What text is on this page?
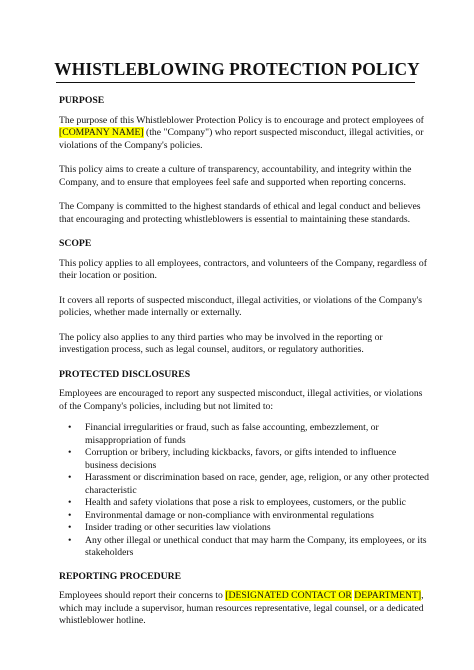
WHISTLEBLOWING PROTECTION POLICY
PURPOSE

The purpose of this Whistleblower Protection Policy is to encourage and protect employees of [COMPANY NAME] (the "Company") who report suspected misconduct, illegal activities, or violations of the Company's policies.

This policy aims to create a culture of transparency, accountability, and integrity within the Company, and to ensure that employees feel safe and supported when reporting concerns.

The Company is committed to the highest standards of ethical and legal conduct and believes that encouraging and protecting whistleblowers is essential to maintaining these standards.

SCOPE

This policy applies to all employees, contractors, and volunteers of the Company, regardless of their location or position.

It covers all reports of suspected misconduct, illegal activities, or violations of the Company's policies, whether made internally or externally.

The policy also applies to any third parties who may be involved in the reporting or investigation process, such as legal counsel, auditors, or regulatory authorities.

PROTECTED DISCLOSURES

Employees are encouraged to report any suspected misconduct, illegal activities, or violations of the Company's policies, including but not limited to:

• Financial irregularities or fraud, such as false accounting, embezzlement, or misappropriation of funds
• Corruption or bribery, including kickbacks, favors, or gifts intended to influence business decisions
• Harassment or discrimination based on race, gender, age, religion, or any other protected characteristic
• Health and safety violations that pose a risk to employees, customers, or the public
• Environmental damage or non-compliance with environmental regulations
• Insider trading or other securities law violations
• Any other illegal or unethical conduct that may harm the Company, its employees, or its stakeholders
REPORTING PROCEDURE

Employees should report their concerns to [DESIGNATED CONTACT OR DEPARTMENT], which may include a supervisor, human resources representative, legal counsel, or a dedicated whistleblower hotline.
